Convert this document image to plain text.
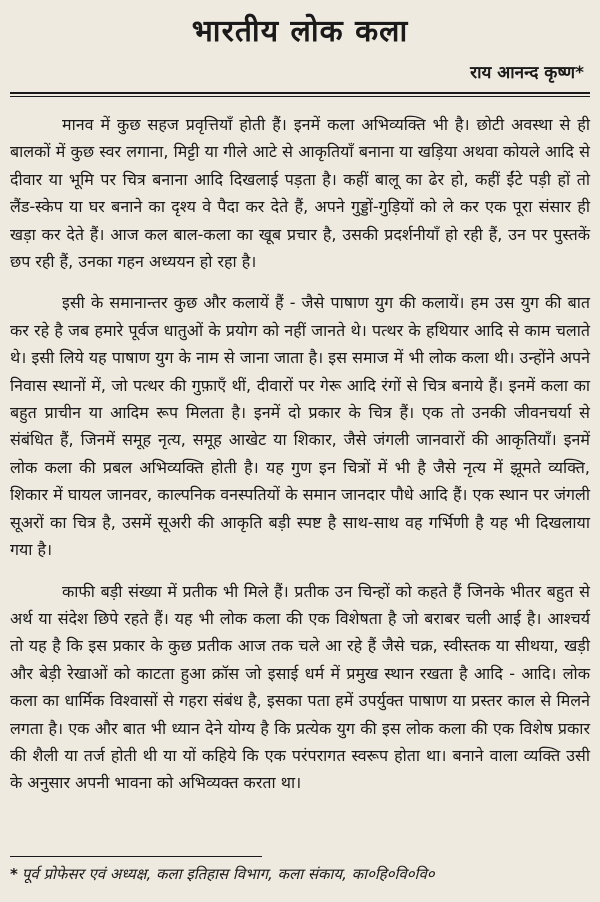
भारतीय लोक कला
राय आनन्द कृष्ण*

मानव में कुछ सहज प्रवृत्तियाँ होती हैं। इनमें कला अभिव्यक्ति भी है। छोटी अवस्था से ही बालकों में कुछ स्वर लगाना, मिट्टी या गीले आटे से आकृतियाँ बनाना या खड़िया अथवा कोयले आदि से दीवार या भूमि पर चित्र बनाना आदि दिखलाई पड़ता है। कहीं बालू का ढेर हो, कहीं ईंटे पड़ी हों तो लैंड-स्केप या घर बनाने का दृश्य वे पैदा कर देते हैं, अपने गुड्डों-गुड़ियों को ले कर एक पूरा संसार ही खड़ा कर देते हैं। आज कल बाल-कला का खूब प्रचार है, उसकी प्रदर्शनीयाँ हो रही हैं, उन पर पुस्तकें छप रही हैं, उनका गहन अध्ययन हो रहा है।

इसी के समानान्तर कुछ और कलायें हैं - जैसे पाषाण युग की कलायें। हम उस युग की बात कर रहे है जब हमारे पूर्वज धातुओं के प्रयोग को नहीं जानते थे। पत्थर के हथियार आदि से काम चलाते थे। इसी लिये यह पाषाण युग के नाम से जाना जाता है। इस समाज में भी लोक कला थी। उन्होंने अपने निवास स्थानों में, जो पत्थर की गुफ़ाएँ थीं, दीवारों पर गेरू आदि रंगों से चित्र बनाये हैं। इनमें कला का बहुत प्राचीन या आदिम रूप मिलता है। इनमें दो प्रकार के चित्र हैं। एक तो उनकी जीवनचर्या से संबंधित हैं, जिनमें समूह नृत्य, समूह आखेट या शिकार, जैसे जंगली जानवारों की आकृतियाँ। इनमें लोक कला की प्रबल अभिव्यक्ति होती है। यह गुण इन चित्रों में भी है जैसे नृत्य में झूमते व्यक्ति, शिकार में घायल जानवर, काल्पनिक वनस्पतियों के समान जानदार पौधे आदि हैं। एक स्थान पर जंगली सूअरों का चित्र है, उसमें सूअरी की आकृति बड़ी स्पष्ट है साथ-साथ वह गर्भिणी है यह भी दिखलाया गया है।

काफी बड़ी संख्या में प्रतीक भी मिले हैं। प्रतीक उन चिन्हों को कहते हैं जिनके भीतर बहुत से अर्थ या संदेश छिपे रहते हैं। यह भी लोक कला की एक विशेषता है जो बराबर चली आई है। आश्चर्य तो यह है कि इस प्रकार के कुछ प्रतीक आज तक चले आ रहे हैं जैसे चक्र, स्वीस्तक या सीथया, खड़ी और बेड़ी रेखाओं को काटता हुआ क्रॉस जो इसाई धर्म में प्रमुख स्थान रखता है आदि - आदि। लोक कला का धार्मिक विश्वासों से गहरा संबंध है, इसका पता हमें उपर्युक्त पाषाण या प्रस्तर काल से मिलने लगता है। एक और बात भी ध्यान देने योग्य है कि प्रत्येक युग की इस लोक कला की एक विशेष प्रकार की शैली या तर्ज होती थी या यों कहिये कि एक परंपरागत स्वरूप होता था। बनाने वाला व्यक्ति उसी के अनुसार अपनी भावना को अभिव्यक्त करता था।

* पूर्व प्रोफेसर एवं अध्यक्ष, कला इतिहास विभाग, कला संकाय, का०हि०वि०वि०
